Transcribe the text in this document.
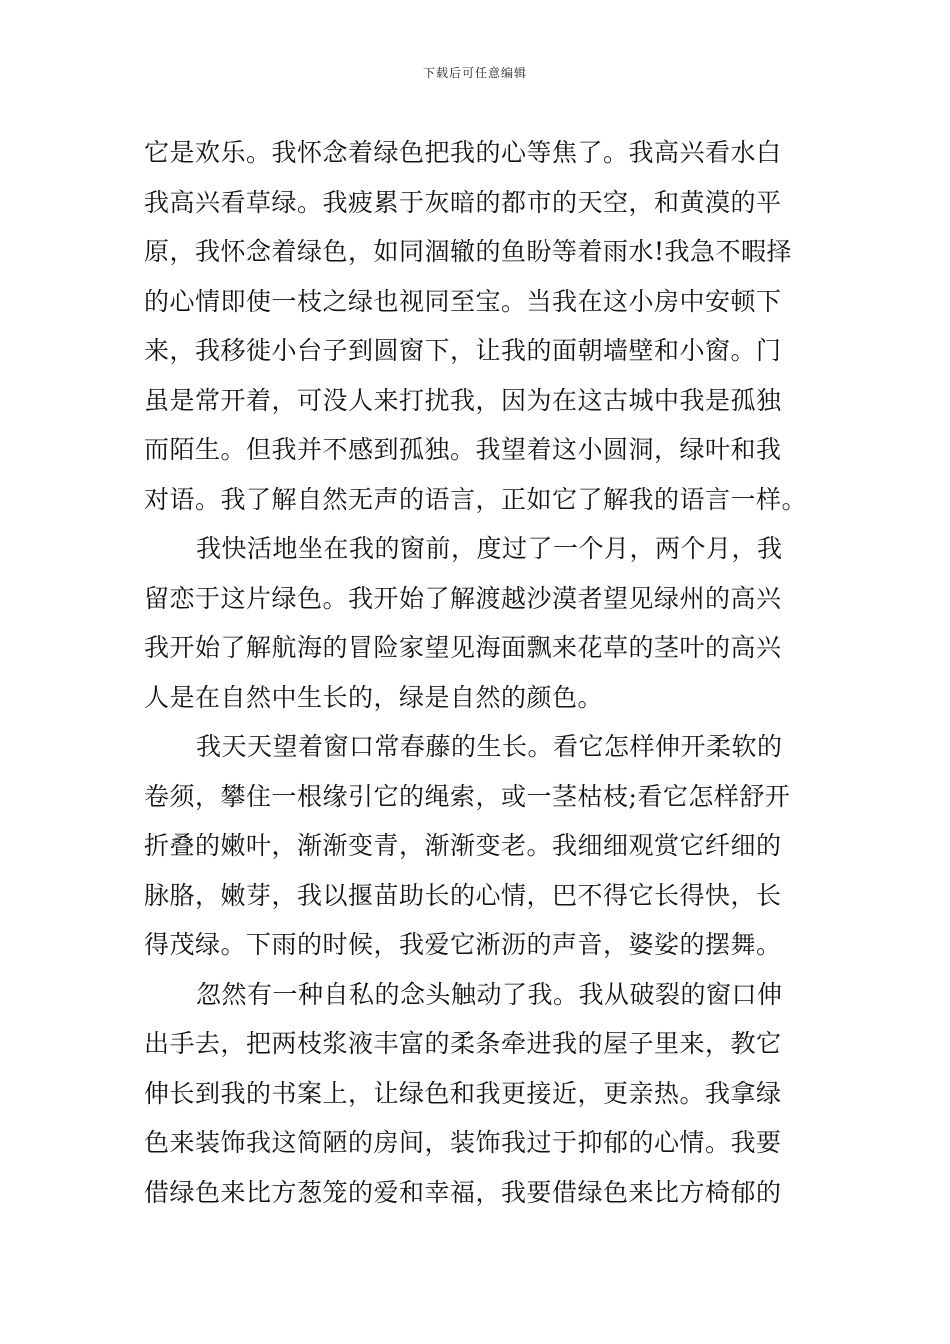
下载后可任意编辑
它是欢乐。我怀念着绿色把我的心等焦了。我高兴看水白
我高兴看草绿。我疲累于灰暗的都市的天空，和黄漠的平
原，我怀念着绿色，如同涸辙的鱼盼等着雨水!我急不暇择
的心情即使一枝之绿也视同至宝。当我在这小房中安顿下
来，我移徙小台子到圆窗下，让我的面朝墙壁和小窗。门
虽是常开着，可没人来打扰我，因为在这古城中我是孤独
而陌生。但我并不感到孤独。我望着这小圆洞，绿叶和我
对语。我了解自然无声的语言，正如它了解我的语言一样。
我快活地坐在我的窗前，度过了一个月，两个月，我
留恋于这片绿色。我开始了解渡越沙漠者望见绿州的高兴
我开始了解航海的冒险家望见海面飘来花草的茎叶的高兴
人是在自然中生长的，绿是自然的颜色。
我天天望着窗口常春藤的生长。看它怎样伸开柔软的
卷须，攀住一根缘引它的绳索，或一茎枯枝;看它怎样舒开
折叠的嫩叶，渐渐变青，渐渐变老。我细细观赏它纤细的
脉胳，嫩芽，我以揠苗助长的心情，巴不得它长得快，长
得茂绿。下雨的时候，我爱它淅沥的声音，婆娑的摆舞。
忽然有一种自私的念头触动了我。我从破裂的窗口伸
出手去，把两枝浆液丰富的柔条牵进我的屋子里来，教它
伸长到我的书案上，让绿色和我更接近，更亲热。我拿绿
色来装饰我这简陋的房间，装饰我过于抑郁的心情。我要
借绿色来比方葱笼的爱和幸福，我要借绿色来比方椅郁的
